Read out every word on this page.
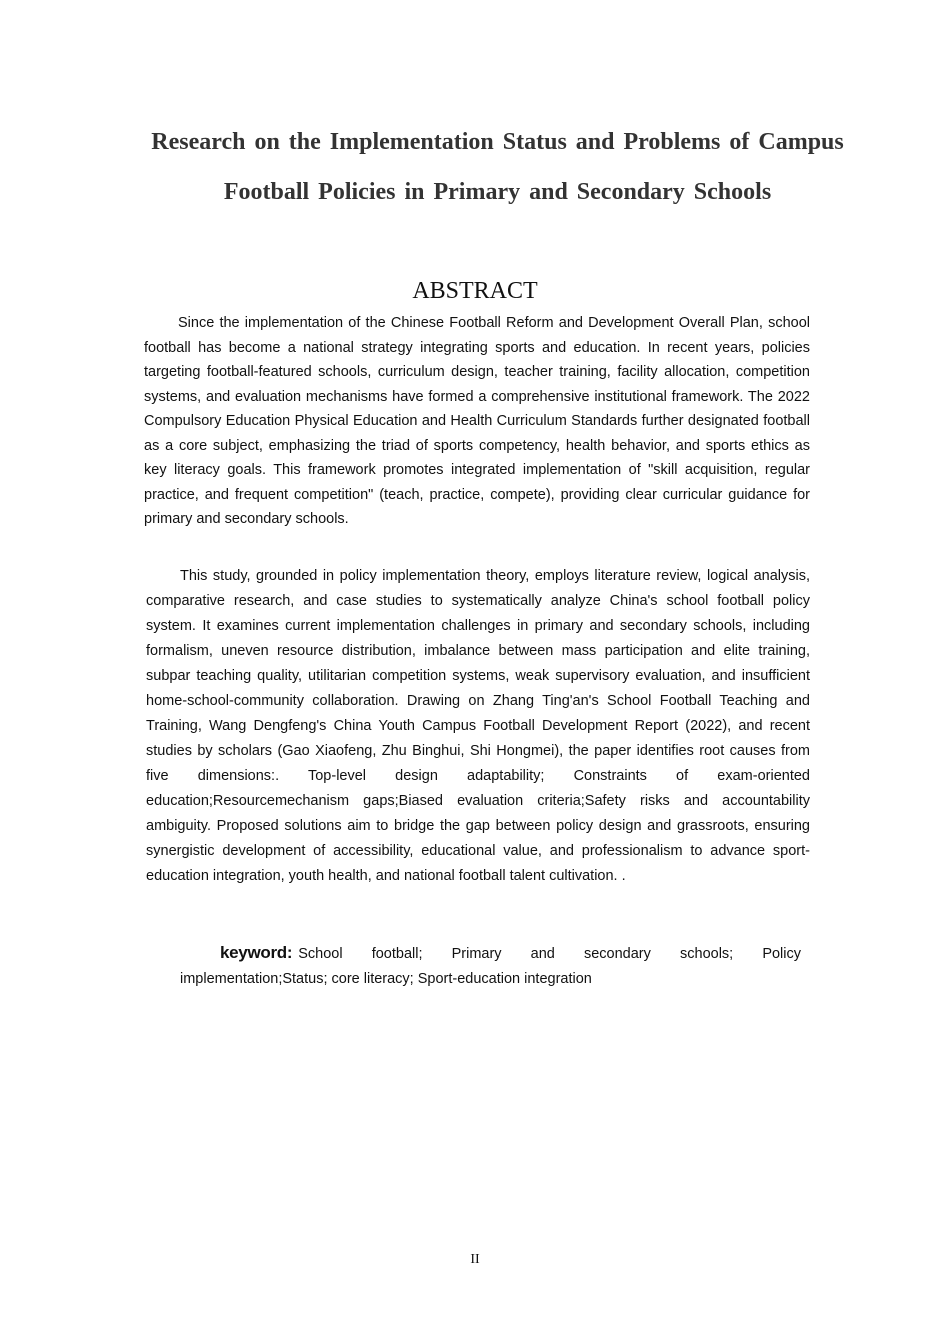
Research on the Implementation Status and Problems of Campus Football Policies in Primary and Secondary Schools
ABSTRACT

Since the implementation of the Chinese Football Reform and Development Overall Plan, school football has become a national strategy integrating sports and education. In recent years, policies targeting football-featured schools, curriculum design, teacher training, facility allocation, competition systems, and evaluation mechanisms have formed a comprehensive institutional framework. The 2022 Compulsory Education Physical Education and Health Curriculum Standards further designated football as a core subject, emphasizing the triad of sports competency, health behavior, and sports ethics as key literacy goals. This framework promotes integrated implementation of "skill acquisition, regular practice, and frequent competition" (teach, practice, compete), providing clear curricular guidance for primary and secondary schools.

This study, grounded in policy implementation theory, employs literature review, logical analysis, comparative research, and case studies to systematically analyze China's school football policy system. It examines current implementation challenges in primary and secondary schools, including formalism, uneven resource distribution, imbalance between mass participation and elite training, subpar teaching quality, utilitarian competition systems, weak supervisory evaluation, and insufficient home-school-community collaboration. Drawing on Zhang Ting'an's School Football Teaching and Training, Wang Dengfeng's China Youth Campus Football Development Report (2022), and recent studies by scholars (Gao Xiaofeng, Zhu Binghui, Shi Hongmei), the paper identifies root causes from five dimensions:. Top-level design adaptability; Constraints of exam-oriented education;Resourcemechanism gaps;Biased evaluation criteria;Safety risks and accountability ambiguity. Proposed solutions aim to bridge the gap between policy design and grassroots, ensuring synergistic development of accessibility, educational value, and professionalism to advance sport-education integration, youth health, and national football talent cultivation. .

keyword: School football; Primary and secondary schools; Policy implementation;Status; core literacy; Sport-education integration

II
